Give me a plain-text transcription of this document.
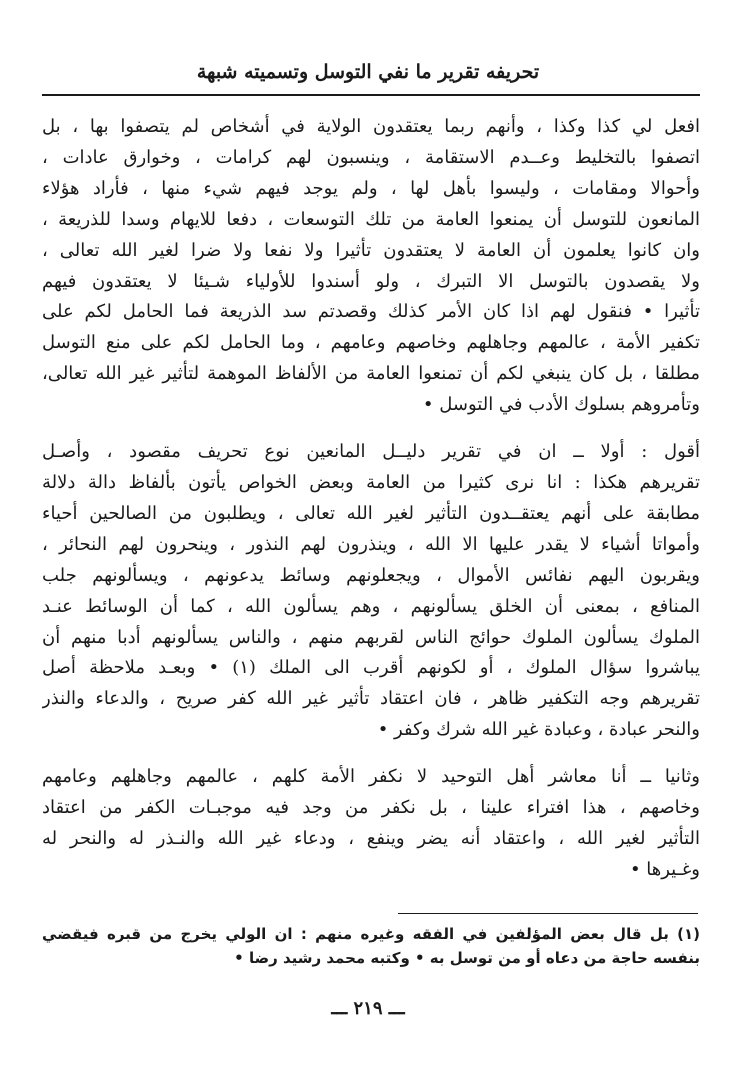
تحريفه تقرير ما نفي التوسل وتسميته شبهة
افعل لي كذا وكذا ، وأنهم ربما يعتقدون الولاية في أشخاص لم يتصفوا بها ، بل
اتصفوا بالتخليط وعــدم الاستقامة ، وينسبون لهم كرامات ، وخوارق عادات ،
وأحوالا ومقامات ، وليسوا بأهل لها ، ولم يوجد فيهم شيء منها ، فأراد هؤلاء
المانعون للتوسل أن يمنعوا العامة من تلك التوسعات ، دفعا للايهام وسدا للذريعة ،
وان كانوا يعلمون أن العامة لا يعتقدون تأثيرا ولا نفعا ولا ضرا لغير الله تعالى ،
ولا يقصدون بالتوسل الا التبرك ، ولو أسندوا للأولياء شـيئا لا يعتقدون فيهم
تأثيرا • فنقول لهم اذا كان الأمر كذلك وقصدتم سد الذريعة فما الحامل لكم على
تكفير الأمة ، عالمهم وجاهلهم وخاصهم وعامهم ، وما الحامل لكم على منع التوسل
مطلقا ، بل كان ينبغي لكم أن تمنعوا العامة من الألفاظ الموهمة لتأثير غير الله تعالى،
وتأمروهم بسلوك الأدب في التوسل •
أقول : أولا ــ ان في تقرير دليــل المانعين نوع تحريف مقصود ، وأصـل
تقريرهم هكذا : انا نرى كثيرا من العامة وبعض الخواص يأتون بألفاظ دالة دلالة
مطابقة على أنهم يعتقــدون التأثير لغير الله تعالى ، ويطلبون من الصالحين أحياء
وأمواتا أشياء لا يقدر عليها الا الله ، وينذرون لهم النذور ، وينحرون لهم النحائر ،
ويقربون اليهم نفائس الأموال ، ويجعلونهم وسائط يدعونهم ، ويسألونهم جلب
المنافع ، بمعنى أن الخلق يسألونهم ، وهم يسألون الله ، كما أن الوسائط عنـد
الملوك يسألون الملوك حوائج الناس لقربهم منهم ، والناس يسألونهم أدبا منهم أن
يباشروا سؤال الملوك ، أو لكونهم أقرب الى الملك (١) • وبعـد ملاحظة أصل
تقريرهم وجه التكفير ظاهر ، فان اعتقاد تأثير غير الله كفر صريح ، والدعاء والنذر
والنحر عبادة ، وعبادة غير الله شرك وكفر •
وثانيا ــ أنا معاشر أهل التوحيد لا نكفر الأمة كلهم ، عالمهم وجاهلهم وعامهم
وخاصهم ، هذا افتراء علينا ، بل نكفر من وجد فيه موجبـات الكفر من اعتقاد
التأثير لغير الله ، واعتقاد أنه يضر وينفع ، ودعاء غير الله والنـذر له والنحر له
وغـيرها •
(١) بل قال بعض المؤلفين في الفقه وغيره منهم : ان الولي يخرج من قبره فيقضي
بنفسه حاجة من دعاه أو من توسل به • وكتبه محمد رشيد رضا •
ـــ ٢١٩ ـــ
